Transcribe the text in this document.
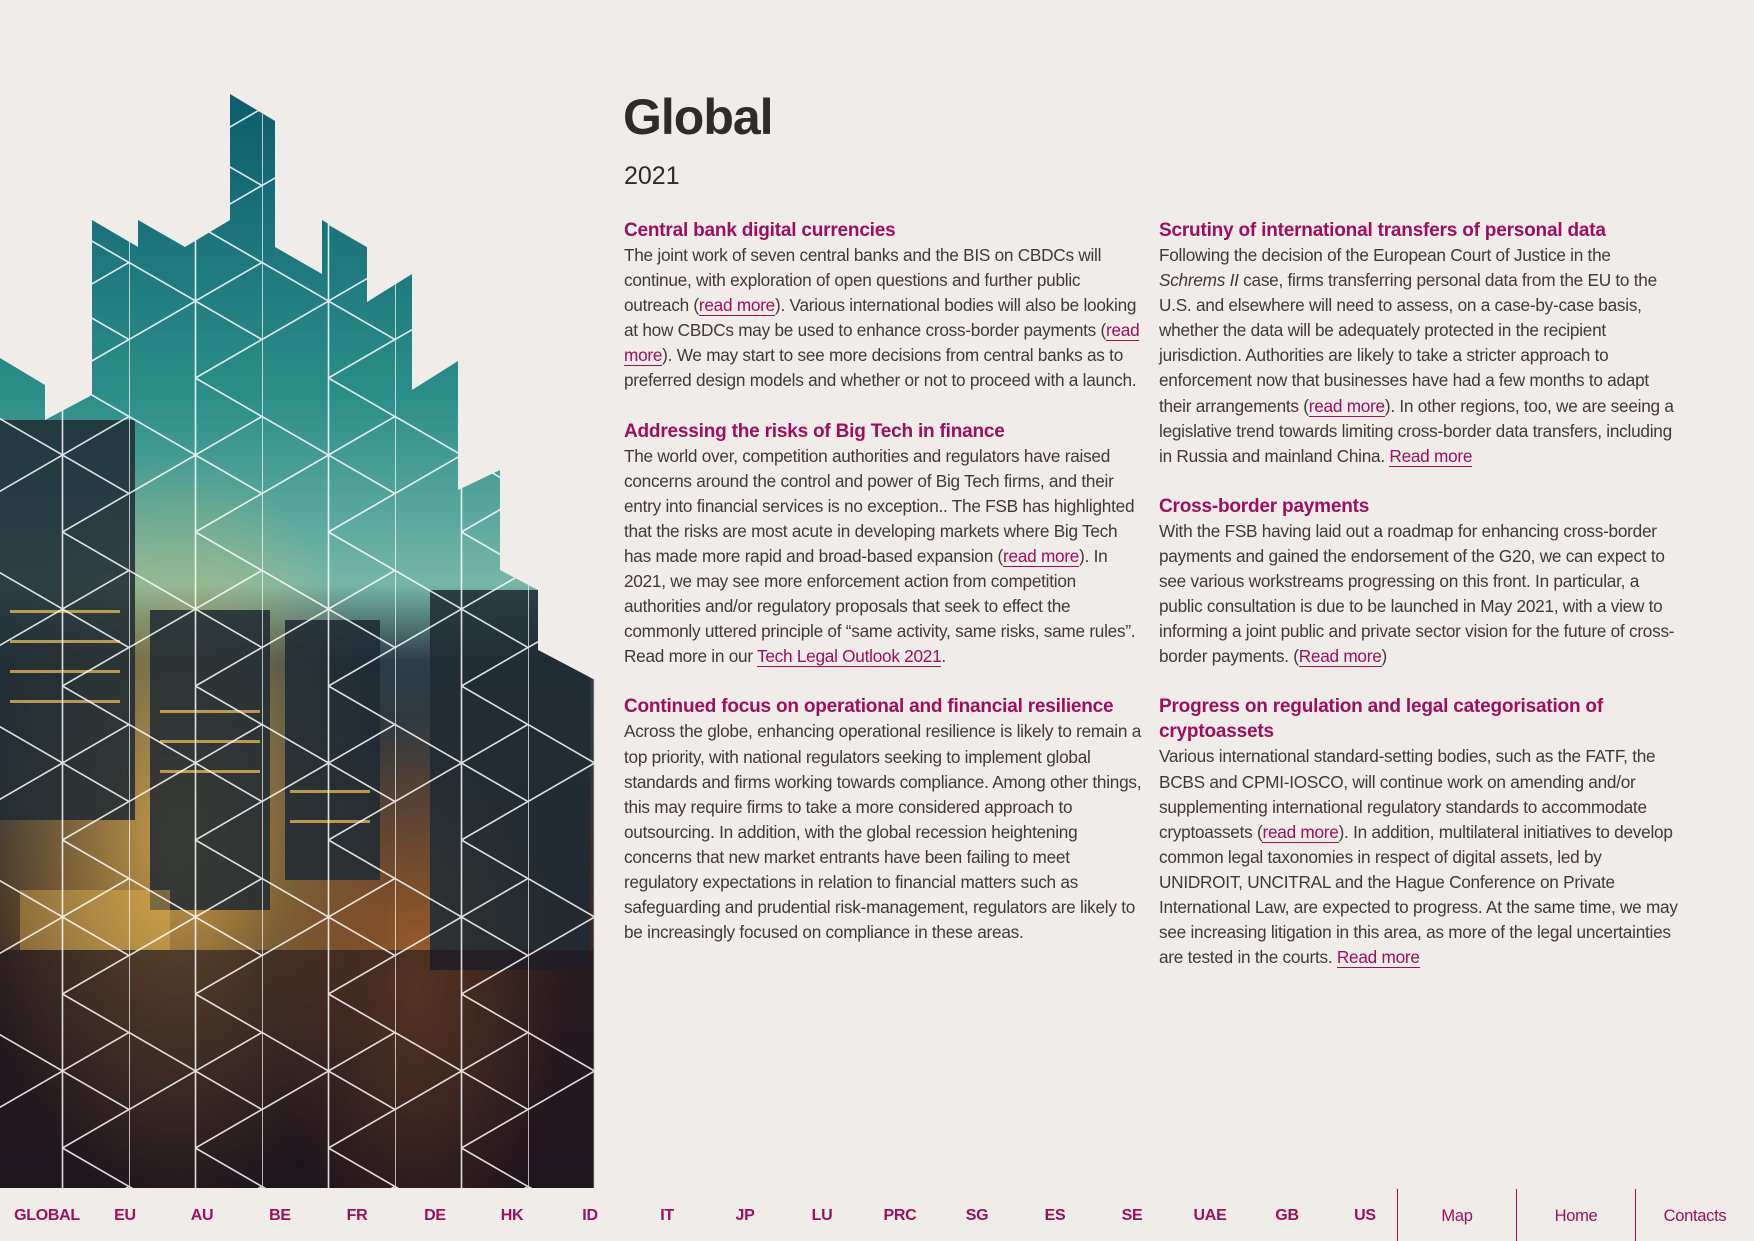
Global
2021
Central bank digital currencies

The joint work of seven central banks and the BIS on CBDCs will continue, with exploration of open questions and further public outreach (read more). Various international bodies will also be looking at how CBDCs may be used to enhance cross-border payments (read more). We may start to see more decisions from central banks as to preferred design models and whether or not to proceed with a launch.

Addressing the risks of Big Tech in finance

The world over, competition authorities and regulators have raised concerns around the control and power of Big Tech firms, and their entry into financial services is no exception.. The FSB has highlighted that the risks are most acute in developing markets where Big Tech has made more rapid and broad-based expansion (read more). In 2021, we may see more enforcement action from competition authorities and/or regulatory proposals that seek to effect the commonly uttered principle of “same activity, same risks, same rules”. Read more in our Tech Legal Outlook 2021.

Continued focus on operational and financial resilience

Across the globe, enhancing operational resilience is likely to remain a top priority, with national regulators seeking to implement global standards and firms working towards compliance. Among other things, this may require firms to take a more considered approach to outsourcing. In addition, with the global recession heightening concerns that new market entrants have been failing to meet regulatory expectations in relation to financial matters such as safeguarding and prudential risk-management, regulators are likely to be increasingly focused on compliance in these areas.

Scrutiny of international transfers of personal data

Following the decision of the European Court of Justice in the Schrems II case, firms transferring personal data from the EU to the U.S. and elsewhere will need to assess, on a case-by-case basis, whether the data will be adequately protected in the recipient jurisdiction. Authorities are likely to take a stricter approach to enforcement now that businesses have had a few months to adapt their arrangements (read more). In other regions, too, we are seeing a legislative trend towards limiting cross-border data transfers, including in Russia and mainland China. Read more

Cross-border payments

With the FSB having laid out a roadmap for enhancing cross-border payments and gained the endorsement of the G20, we can expect to see various workstreams progressing on this front. In particular, a public consultation is due to be launched in May 2021, with a view to informing a joint public and private sector vision for the future of cross-border payments. (Read more)

Progress on regulation and legal categorisation of cryptoassets

Various international standard-setting bodies, such as the FATF, the BCBS and CPMI-IOSCO, will continue work on amending and/or supplementing international regulatory standards to accommodate cryptoassets (read more). In addition, multilateral initiatives to develop common legal taxonomies in respect of digital assets, led by UNIDROIT, UNCITRAL and the Hague Conference on Private International Law, are expected to progress. At the same time, we may see increasing litigation in this area, as more of the legal uncertainties are tested in the courts. Read more

GLOBAL EU	AU	BE	FR	DE	HK	ID	IT	JP	LU	PRC	SG	ES	SE	UAE	GB	US	Map	Home	Contacts
